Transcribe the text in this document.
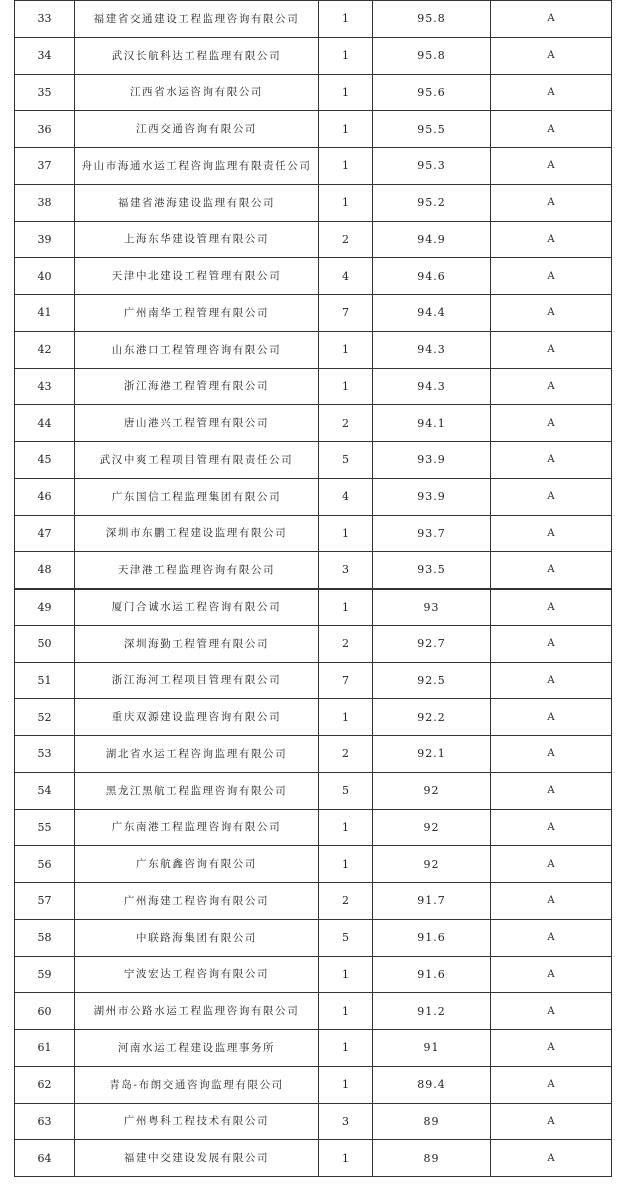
33	福建省交通建设工程监理咨询有限公司	1	95.8	A
34	武汉长航科达工程监理有限公司	1	95.8	A
35	江西省水运咨询有限公司	1	95.6	A
36	江西交通咨询有限公司	1	95.5	A
37	舟山市海通水运工程咨询监理有限责任公司	1	95.3	A
38	福建省港海建设监理有限公司	1	95.2	A
39	上海东华建设管理有限公司	2	94.9	A
40	天津中北建设工程管理有限公司	4	94.6	A
41	广州南华工程管理有限公司	7	94.4	A
42	山东港口工程管理咨询有限公司	1	94.3	A
43	浙江海港工程管理有限公司	1	94.3	A
44	唐山港兴工程管理有限公司	2	94.1	A
45	武汉中爽工程项目管理有限责任公司	5	93.9	A
46	广东国信工程监理集团有限公司	4	93.9	A
47	深圳市东鹏工程建设监理有限公司	1	93.7	A
48	天津港工程监理咨询有限公司	3	93.5	A
49	厦门合诚水运工程咨询有限公司	1	93	A
50	深圳海勤工程管理有限公司	2	92.7	A
51	浙江海河工程项目管理有限公司	7	92.5	A
52	重庆双源建设监理咨询有限公司	1	92.2	A
53	湖北省水运工程咨询监理有限公司	2	92.1	A
54	黑龙江黑航工程监理咨询有限公司	5	92	A
55	广东南港工程监理咨询有限公司	1	92	A
56	广东航鑫咨询有限公司	1	92	A
57	广州海建工程咨询有限公司	2	91.7	A
58	中联路海集团有限公司	5	91.6	A
59	宁波宏达工程咨询有限公司	1	91.6	A
60	湖州市公路水运工程监理咨询有限公司	1	91.2	A
61	河南水运工程建设监理事务所	1	91	A
62	青岛-布朗交通咨询监理有限公司	1	89.4	A
63	广州粤科工程技术有限公司	3	89	A
64	福建中交建设发展有限公司	1	89	A
